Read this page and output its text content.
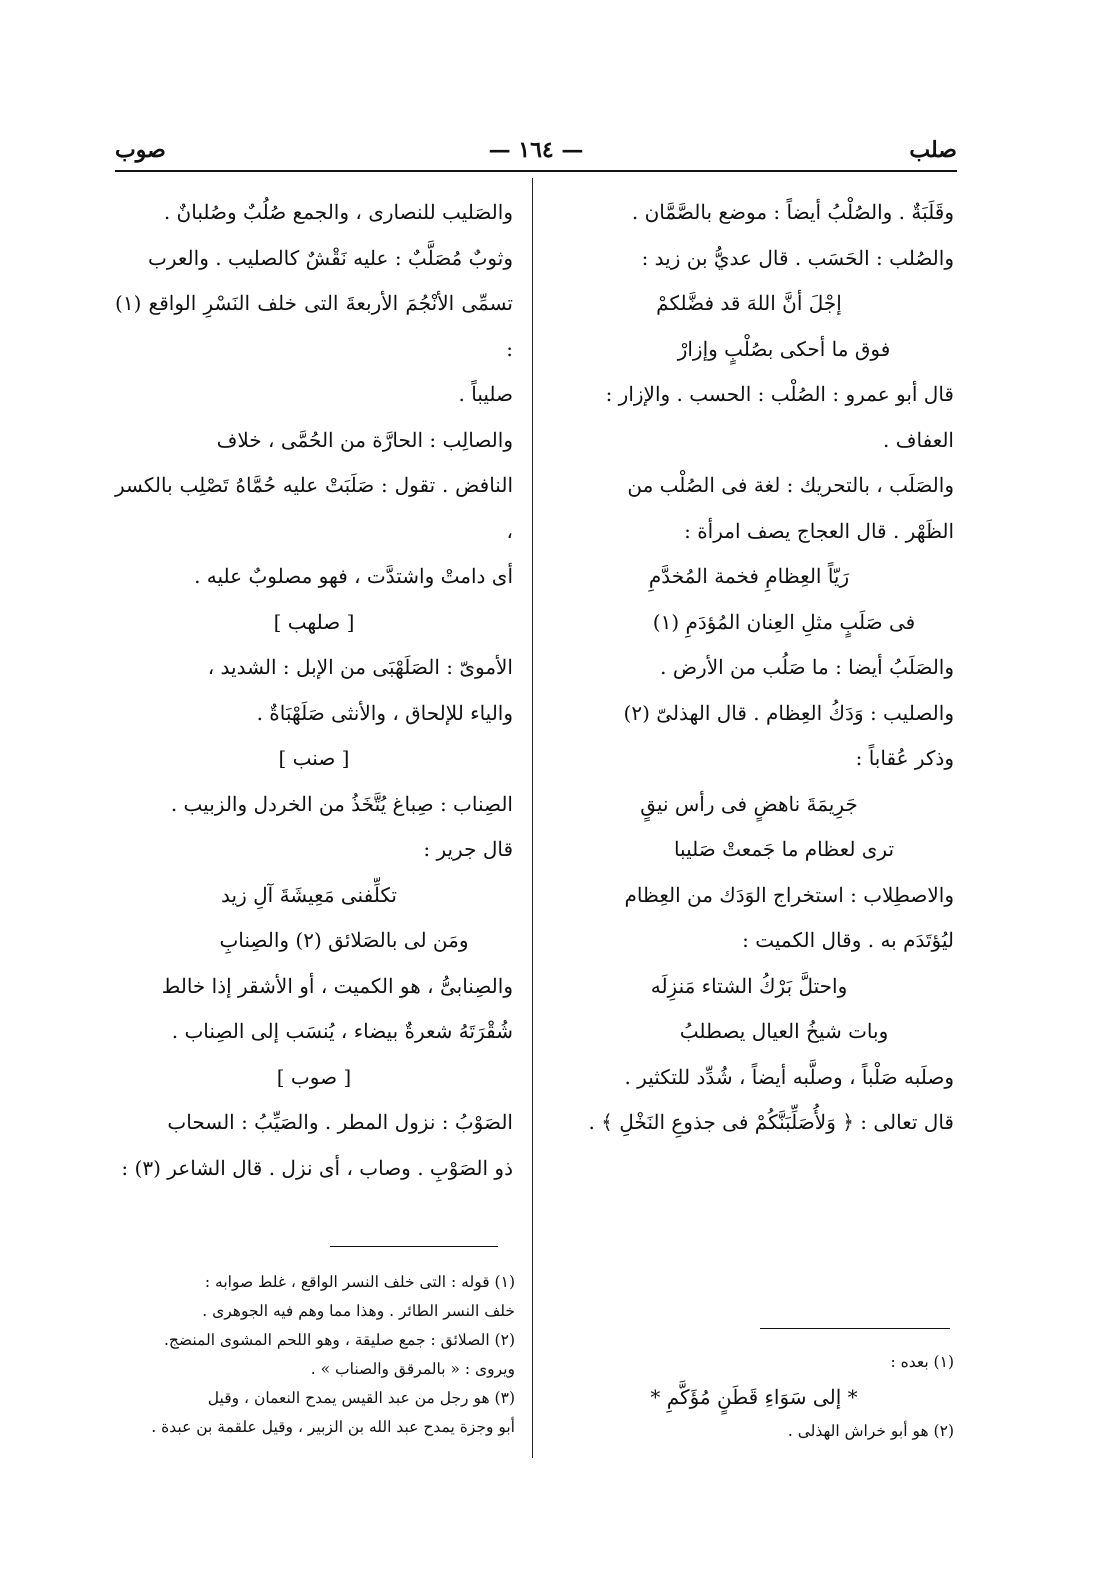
صلب
— ١٦٤ —
صوب

وقَلَبَةٌ . والصُلْبُ أيضاً : موضع بالصَّمَّان .

والصُلب : الحَسَب . قال عديُّ بن زيد :

إجْلَ أنَّ اللهَ قد فضَّلكمْ

فوق ما أحكى بصُلْبٍ وإزارْ

قال أبو عمرو : الصُلْب : الحسب . والإزار :

العفاف .

والصَلَب ، بالتحريك : لغة فى الصُلْب من

الظَهْر . قال العجاج يصف امرأة :

رَيّاً العِظامِ فخمة المُخدَّمِ

فى صَلَبٍ مثلِ العِنان المُؤدَمِ (١)

والصَلَبُ أيضا : ما صَلُب من الأرض .

والصليب : وَدَكُ العِظام . قال الهذلىّ (٢)

وذكر عُقاباً :

جَرِيمَةَ ناهضٍ فى رأس نيقٍ

ترى لعظام ما جَمعتْ صَليبا

والاصطِلاب : استخراج الوَدَك من العِظام

ليُؤتَدَم به . وقال الكميت :

واحتلَّ بَرْكُ الشتاء مَنزِلَه

وبات شيخُ العيال يصطلبُ

وصلَبه صَلْباً ، وصلَّبه أيضاً ، شُدِّد للتكثير .

قال تعالى : ﴿ وَلأُصَلِّبَنَّكُمْ فى جذوعِ النَخْلِ ﴾ .

والصَليب للنصارى ، والجمع صُلُبٌ وصُلبانٌ .

وثوبٌ مُصَلَّبٌ : عليه نَقْشٌ كالصليب . والعرب

تسمِّى الأنْجُمَ الأربعةَ التى خلف النَسْرِ الواقع (١) :

صليباً .

والصالِب : الحارَّة من الحُمَّى ، خلاف

النافض . تقول : صَلَبَتْ عليه حُمَّاهُ تَصْلِب بالكسر ،

أى دامتْ واشتدَّت ، فهو مصلوبٌ عليه .

[ صلهب ]

الأموىّ : الصَلَهْبَى من الإبل : الشديد ،

والياء للإلحاق ، والأنثى صَلَهْبَاةٌ .

[ صنب ]

الصِناب : صِباغ يُتَّخَذُ من الخردل والزبيب .

قال جرير :

تكلِّفنى مَعِيشَةَ آلِ زيد

ومَن لى بالصَلائق (٢) والصِنابِ

والصِنابىُّ ، هو الكميت ، أو الأشقر إذا خالط

شُقْرَتَهُ شعرةٌ بيضاء ، يُنسَب إلى الصِناب .

[ صوب ]

الصَوْبُ : نزول المطر . والصَيِّبُ : السحاب

ذو الصَوْبِ . وصاب ، أى نزل . قال الشاعر (٣) :

(١) بعده :

* إلى سَوَاءِ قَطَنٍ مُؤَكَّمِ *

(٢) هو أبو خراش الهذلى .

(١) قوله : التى خلف النسر الواقع ، غلط صوابه :

خلف النسر الطائر . وهذا مما وهم فيه الجوهرى .

(٢) الصلائق : جمع صليقة ، وهو اللحم المشوى المنضج.

ويروى : « بالمرقق والصناب » .

(٣) هو رجل من عبد القيس يمدح النعمان ، وقيل

أبو وجزة يمدح عبد الله بن الزبير ، وقيل علقمة بن عبدة .
